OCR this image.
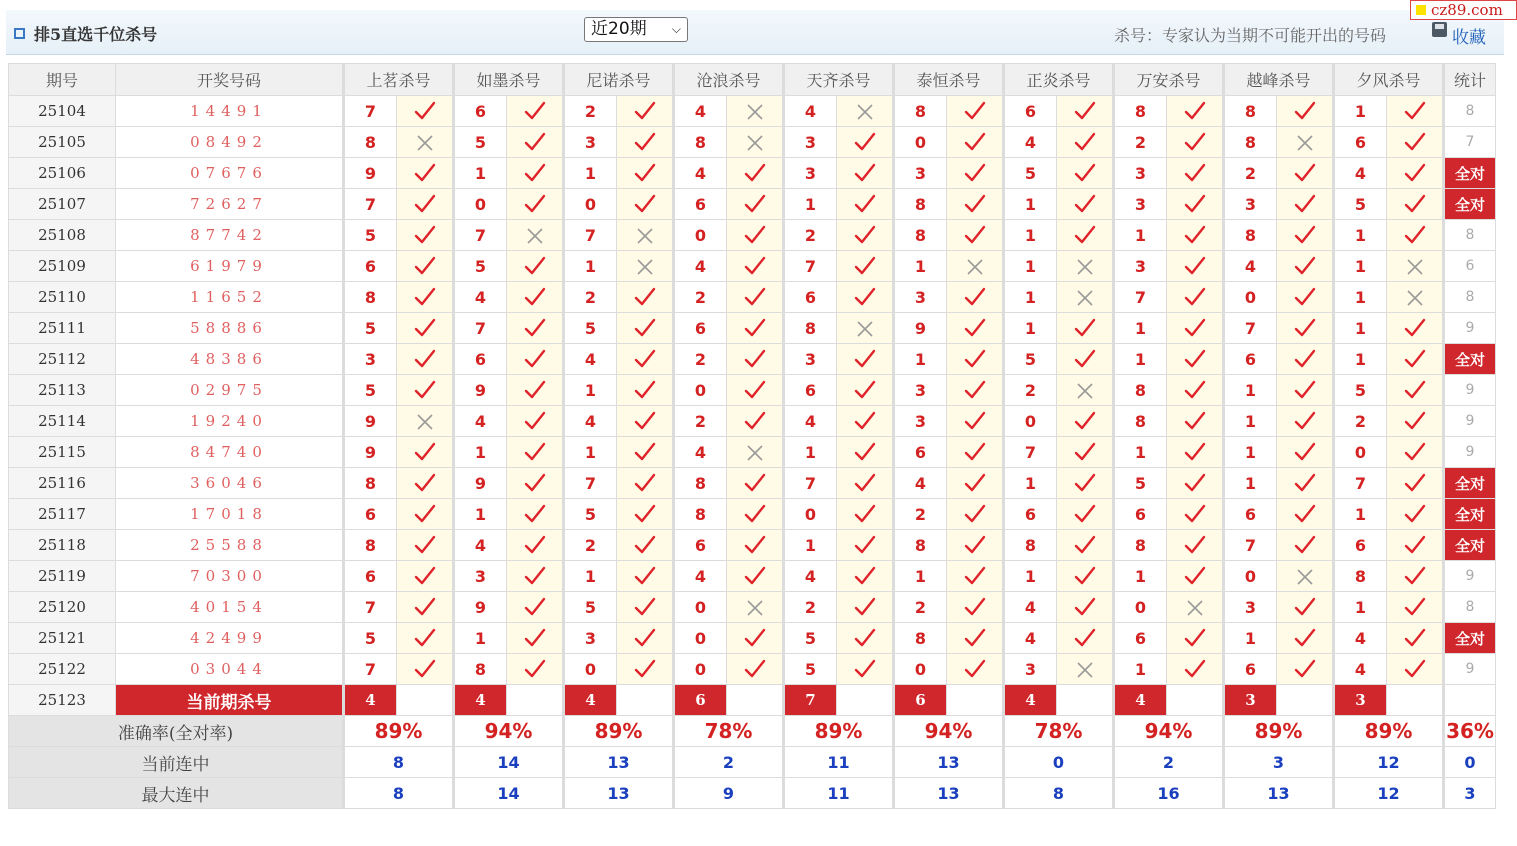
排5直选千位杀号	近20期 ⌵	杀号：专家认为当期不可能开出的号码	收藏
cz89.com
期号	开奖号码	上茗杀号		如墨杀号		尼诺杀号		沧浪杀号		天齐杀号		泰恒杀号		正炎杀号		万安杀号		越峰杀号		夕风杀号		统计
25104	14491	7		6		2		4		4		8		6		8		8		1		8
25105	08492	8		5		3		8		3		0		4		2		8		6		7
25106	07676	9		1		1		4		3		3		5		3		2		4		全对
25107	72627	7		0		0		6		1		8		1		3		3		5		全对
25108	87742	5		7		7		0		2		8		1		1		8		1		8
25109	61979	6		5		1		4		7		1		1		3		4		1		6
25110	11652	8		4		2		2		6		3		1		7		0		1		8
25111	58886	5		7		5		6		8		9		1		1		7		1		9
25112	48386	3		6		4		2		3		1		5		1		6		1		全对
25113	02975	5		9		1		0		6		3		2		8		1		5		9
25114	19240	9		4		4		2		4		3		0		8		1		2		9
25115	84740	9		1		1		4		1		6		7		1		1		0		9
25116	36046	8		9		7		8		7		4		1		5		1		7		全对
25117	17018	6		1		5		8		0		2		6		6		6		1		全对
25118	25588	8		4		2		6		1		8		8		8		7		6		全对
25119	70300	6		3		1		4		4		1		1		1		0		8		9
25120	40154	7		9		5		0		2		2		4		0		3		1		8
25121	42499	5		1		3		0		5		8		4		6		1		4		全对
25122	03044	7		8		0		0		5		0		3		1		6		4		9
25123	当前期杀号	4		4		4		6		7		6		4		4		3		3		
准确率(全对率)		89%		94%		89%		78%		89%		94%		78%		94%		89%		89%		36%
当前连中		8		14		13		2		11		13		0		2		3		12		0
最大连中		8		14		13		9		11		13		8		16		13		12		3
